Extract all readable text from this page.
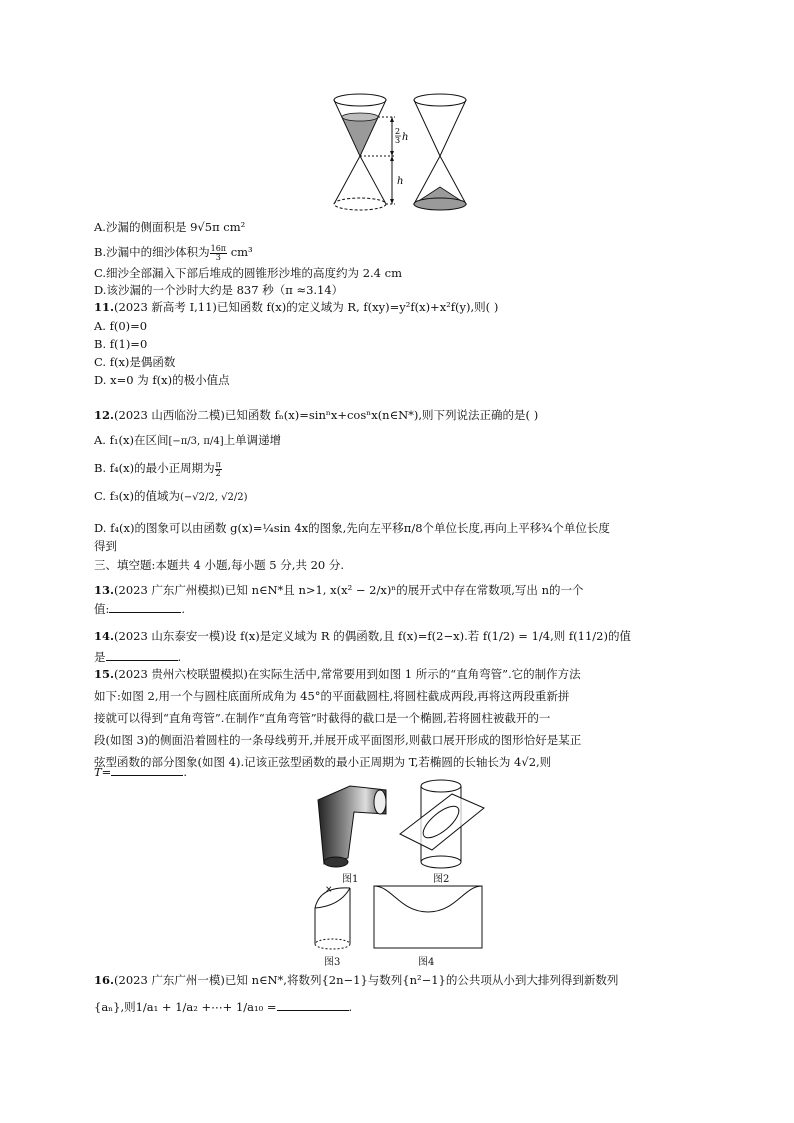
2
3 h
h
A.沙漏的侧面积是 9√5π cm²
B.沙漏中的细沙体积为 $\frac{16\pi}{3} cm^3$
C.细沙全部漏入下部后堆成的圆锥形沙堆的高度约为 2.4 cm
D.该沙漏的一个沙时大约是 837 秒（π ≈3.14）
11.(2023 新高考 Ⅰ,11)已知函数 f(x)的定义域为 R, f(xy)=y²f(x)+x²f(y),则( )
A. f(0)=0
B. f(1)=0
C. f(x)是偶函数
D. x=0 为 f(x)的极小值点
12.(2023 山西临汾二模)已知函数 fₙ(x)=sinⁿx+cosⁿx(n∈N*),则下列说法正确的是( )
A. f₁(x)在区间[−π/3, π/4]上单调递增
B. f₄(x)的最小正周期为 $\frac{\pi}{2}$
C. f₃(x)的值域为(−√2/2, √2/2)
D. f₄(x)的图象可以由函数 g(x)=¼sin 4x的图象,先向左平移π/8个单位长度,再向上平移¾个单位长度
得到
三、填空题:本题共 4 小题,每小题 5 分,共 20 分.
13.(2023 广东广州模拟)已知 n∈N*且 n>1, x(x² − 2/x)ⁿ的展开式中存在常数项,写出 n的一个
值:	.
14.(2023 山东泰安一模)设 f(x)是定义域为 R 的偶函数,且 f(x)=f(2−x).若 f(1/2) = 1/4,则 f(11/2)的值
是	.
15.(2023 贵州六校联盟模拟)在实际生活中,常常要用到如图 1 所示的“直角弯管”.它的制作方法
如下:如图 2,用一个与圆柱底面所成角为 45°的平面截圆柱,将圆柱截成两段,再将这两段重新拼
接就可以得到“直角弯管”.在制作“直角弯管”时截得的截口是一个椭圆,若将圆柱被截开的一
段(如图 3)的侧面沿着圆柱的一条母线剪开,并展开成平面图形,则截口展开形成的图形恰好是某正
弦型函数的部分图象(如图 4).记该正弦型函数的最小正周期为 T,若椭圆的长轴长为 4√2,则
T=	.
图1	图2
×
图3	图4
16.(2023 广东广州一模)已知 n∈N*,将数列{2n−1}与数列{n²−1}的公共项从小到大排列得到新数列
{aₙ},则1/a₁ + 1/a₂ +⋯+ 1/a₁₀ =	.
